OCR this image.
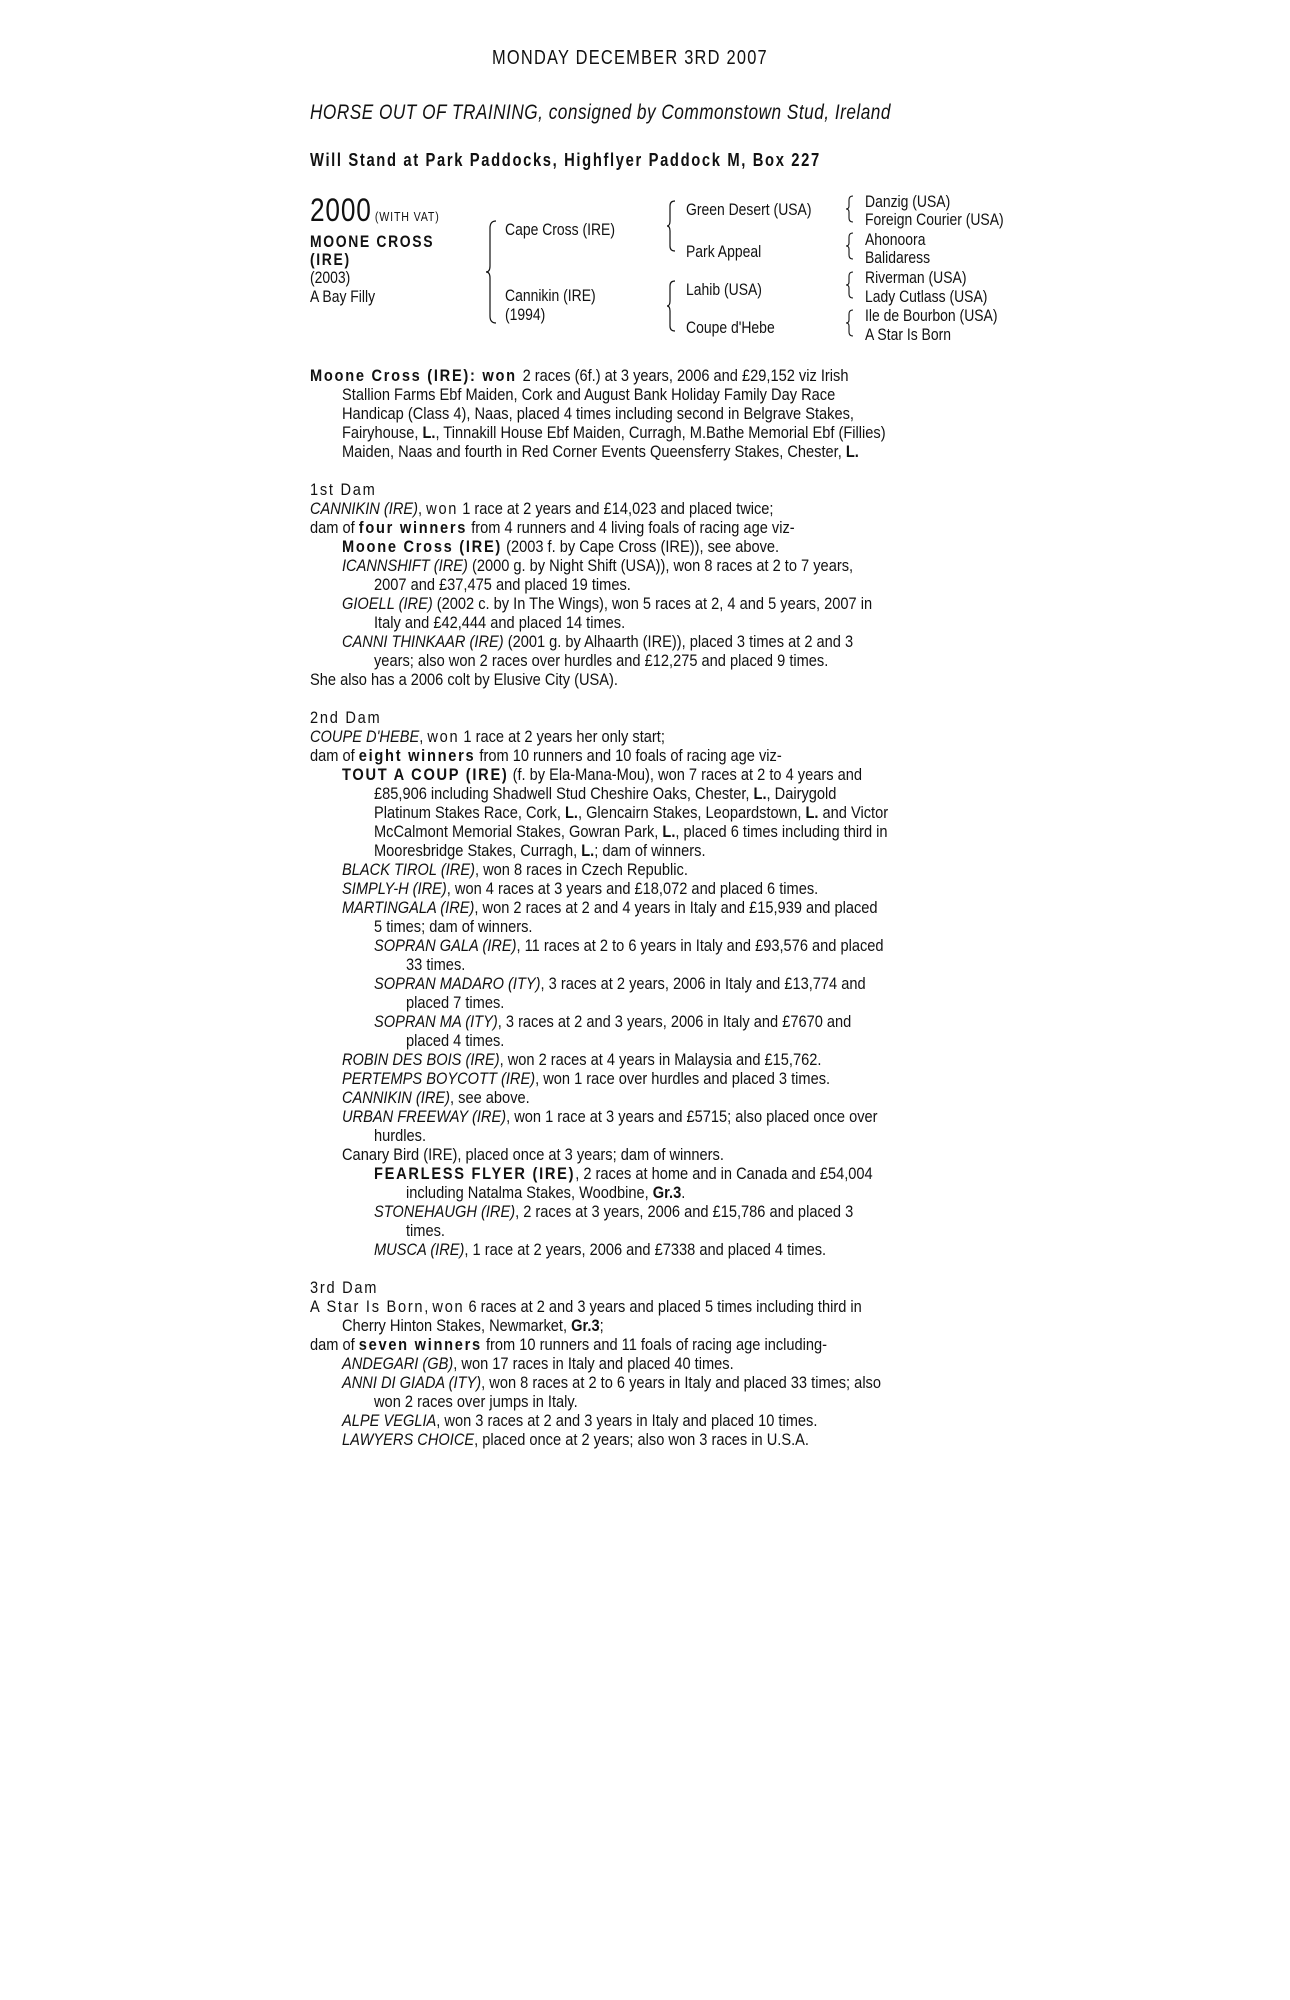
MONDAY DECEMBER 3RD 2007
HORSE OUT OF TRAINING, consigned by Commonstown Stud, Ireland
Will Stand at Park Paddocks, Highflyer Paddock M, Box 227
2000 (WITH VAT)
MOONE CROSS
(IRE)
(2003)
A Bay Filly
Cape Cross (IRE)
Cannikin (IRE)
(1994)
Green Desert (USA)
Park Appeal
Lahib (USA)
Coupe d'Hebe
Danzig (USA)
Foreign Courier (USA)
Ahonoora
Balidaress
Riverman (USA)
Lady Cutlass (USA)
Ile de Bourbon (USA)
A Star Is Born
Moone Cross (IRE): won 2 races (6f.) at 3 years, 2006 and £29,152 viz Irish
Stallion Farms Ebf Maiden, Cork and August Bank Holiday Family Day Race
Handicap (Class 4), Naas, placed 4 times including second in Belgrave Stakes,
Fairyhouse, L., Tinnakill House Ebf Maiden, Curragh, M.Bathe Memorial Ebf (Fillies)
Maiden, Naas and fourth in Red Corner Events Queensferry Stakes, Chester, L.
1st Dam
CANNIKIN (IRE), won 1 race at 2 years and £14,023 and placed twice;
dam of four winners from 4 runners and 4 living foals of racing age viz-
Moone Cross (IRE) (2003 f. by Cape Cross (IRE)), see above.
ICANNSHIFT (IRE) (2000 g. by Night Shift (USA)), won 8 races at 2 to 7 years,
2007 and £37,475 and placed 19 times.
GIOELL (IRE) (2002 c. by In The Wings), won 5 races at 2, 4 and 5 years, 2007 in
Italy and £42,444 and placed 14 times.
CANNI THINKAAR (IRE) (2001 g. by Alhaarth (IRE)), placed 3 times at 2 and 3
years; also won 2 races over hurdles and £12,275 and placed 9 times.
She also has a 2006 colt by Elusive City (USA).
2nd Dam
COUPE D'HEBE, won 1 race at 2 years her only start;
dam of eight winners from 10 runners and 10 foals of racing age viz-
TOUT A COUP (IRE) (f. by Ela-Mana-Mou), won 7 races at 2 to 4 years and
£85,906 including Shadwell Stud Cheshire Oaks, Chester, L., Dairygold
Platinum Stakes Race, Cork, L., Glencairn Stakes, Leopardstown, L. and Victor
McCalmont Memorial Stakes, Gowran Park, L., placed 6 times including third in
Mooresbridge Stakes, Curragh, L.; dam of winners.
BLACK TIROL (IRE), won 8 races in Czech Republic.
SIMPLY-H (IRE), won 4 races at 3 years and £18,072 and placed 6 times.
MARTINGALA (IRE), won 2 races at 2 and 4 years in Italy and £15,939 and placed
5 times; dam of winners.
SOPRAN GALA (IRE), 11 races at 2 to 6 years in Italy and £93,576 and placed
33 times.
SOPRAN MADARO (ITY), 3 races at 2 years, 2006 in Italy and £13,774 and
placed 7 times.
SOPRAN MA (ITY), 3 races at 2 and 3 years, 2006 in Italy and £7670 and
placed 4 times.
ROBIN DES BOIS (IRE), won 2 races at 4 years in Malaysia and £15,762.
PERTEMPS BOYCOTT (IRE), won 1 race over hurdles and placed 3 times.
CANNIKIN (IRE), see above.
URBAN FREEWAY (IRE), won 1 race at 3 years and £5715; also placed once over
hurdles.
Canary Bird (IRE), placed once at 3 years; dam of winners.
FEARLESS FLYER (IRE), 2 races at home and in Canada and £54,004
including Natalma Stakes, Woodbine, Gr.3.
STONEHAUGH (IRE), 2 races at 3 years, 2006 and £15,786 and placed 3
times.
MUSCA (IRE), 1 race at 2 years, 2006 and £7338 and placed 4 times.
3rd Dam
A Star Is Born, won 6 races at 2 and 3 years and placed 5 times including third in
Cherry Hinton Stakes, Newmarket, Gr.3;
dam of seven winners from 10 runners and 11 foals of racing age including-
ANDEGARI (GB), won 17 races in Italy and placed 40 times.
ANNI DI GIADA (ITY), won 8 races at 2 to 6 years in Italy and placed 33 times; also
won 2 races over jumps in Italy.
ALPE VEGLIA, won 3 races at 2 and 3 years in Italy and placed 10 times.
LAWYERS CHOICE, placed once at 2 years; also won 3 races in U.S.A.
